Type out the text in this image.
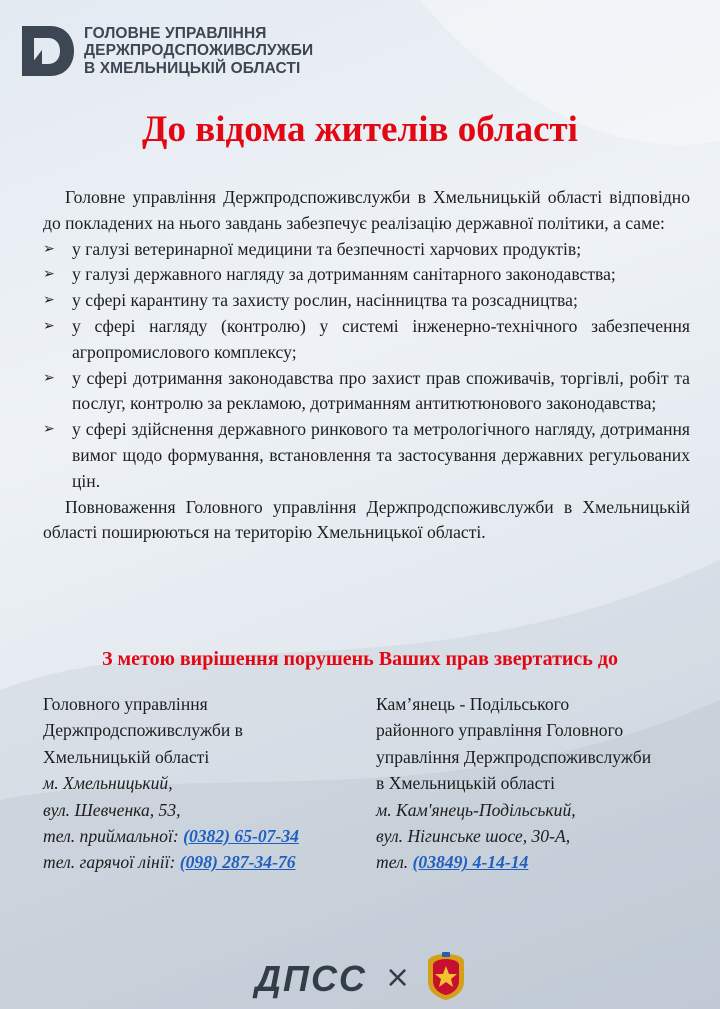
ГОЛОВНЕ УПРАВЛІННЯ
ДЕРЖПРОДСПОЖИВСЛУЖБИ
В ХМЕЛЬНИЦЬКІЙ ОБЛАСТІ
До відома жителів області

Головне управління Держпродспоживслужби в Хмельницькій області відповідно до покладених на нього завдань забезпечує реалізацію державної політики, а саме:

➢ у галузі ветеринарної медицини та безпечності харчових продуктів;
➢ у галузі державного нагляду за дотриманням санітарного законодавства;
➢ у сфері карантину та захисту рослин, насінництва та розсадництва;
➢ у сфері нагляду (контролю) у системі інженерно-технічного забезпечення агропромислового комплексу;
➢ у сфері дотримання законодавства про захист прав споживачів, торгівлі, робіт та послуг, контролю за рекламою, дотриманням антитютюнового законодавства;
➢ у сфері здійснення державного ринкового та метрологічного нагляду, дотримання вимог щодо формування, встановлення та застосування державних регульованих цін.

Повноваження Головного управління Держпродспоживслужби в Хмельницькій області поширюються на територію Хмельницької області.

З метою вирішення порушень Ваших прав звертатись до
Головного управління
Держпродспоживслужби в
Хмельницькій області
м. Хмельницький,
вул. Шевченка, 53,
тел. приймальної: (0382) 65-07-34
тел. гарячої лінії: (098) 287-34-76
Кам’янець - Подільського
районного управління Головного
управління Держпродспоживслужби
в Хмельницькій області
м. Кам'янець-Подільський,
вул. Нігинське шосе, 30-А,
тел. (03849) 4-14-14
ДПСС ×
